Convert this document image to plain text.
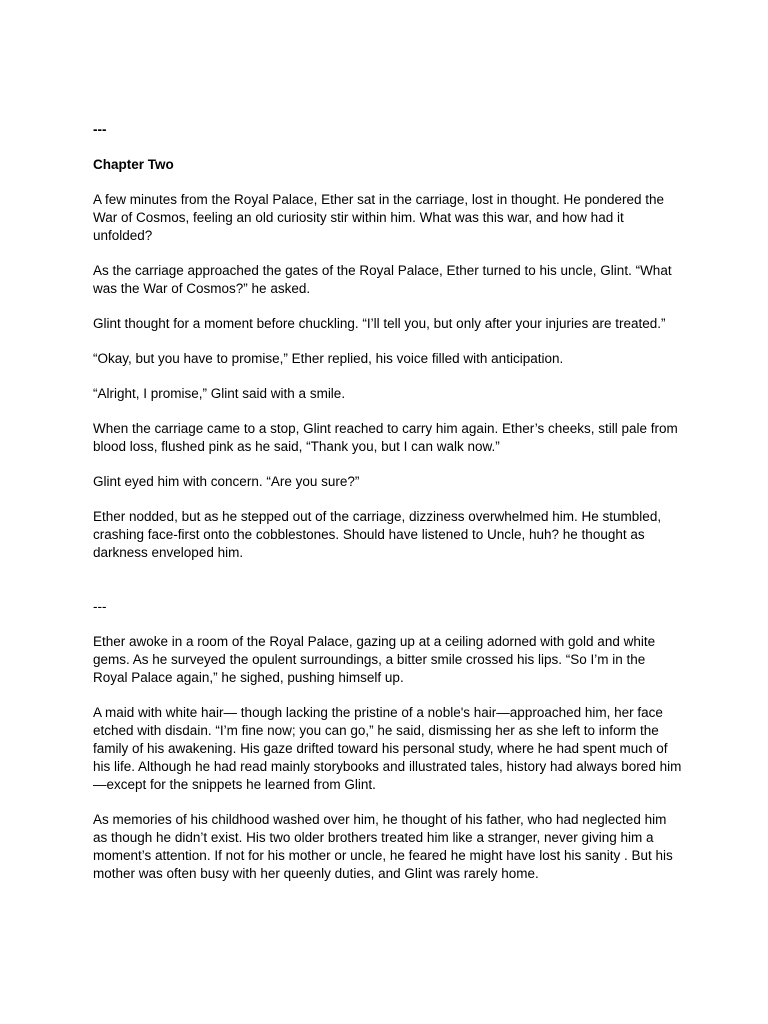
---
Chapter Two

A few minutes from the Royal Palace, Ether sat in the carriage, lost in thought. He pondered the War of Cosmos, feeling an old curiosity stir within him. What was this war, and how had it unfolded?

As the carriage approached the gates of the Royal Palace, Ether turned to his uncle, Glint. “What was the War of Cosmos?” he asked.

Glint thought for a moment before chuckling. “I’ll tell you, but only after your injuries are treated.”

“Okay, but you have to promise,” Ether replied, his voice filled with anticipation.

“Alright, I promise,” Glint said with a smile.

When the carriage came to a stop, Glint reached to carry him again. Ether’s cheeks, still pale from blood loss, flushed pink as he said, “Thank you, but I can walk now.”

Glint eyed him with concern. “Are you sure?”

Ether nodded, but as he stepped out of the carriage, dizziness overwhelmed him. He stumbled, crashing face-first onto the cobblestones. Should have listened to Uncle, huh? he thought as darkness enveloped him.

---

Ether awoke in a room of the Royal Palace, gazing up at a ceiling adorned with gold and white gems. As he surveyed the opulent surroundings, a bitter smile crossed his lips. “So I’m in the Royal Palace again,” he sighed, pushing himself up.

A maid with white hair— though lacking the pristine of a noble's hair—approached him, her face etched with disdain. “I’m fine now; you can go,” he said, dismissing her as she left to inform the family of his awakening. His gaze drifted toward his personal study, where he had spent much of his life. Although he had read mainly storybooks and illustrated tales, history had always bored him—except for the snippets he learned from Glint.

As memories of his childhood washed over him, he thought of his father, who had neglected him as though he didn’t exist. His two older brothers treated him like a stranger, never giving him a moment’s attention. If not for his mother or uncle, he feared he might have lost his sanity . But his mother was often busy with her queenly duties, and Glint was rarely home.
